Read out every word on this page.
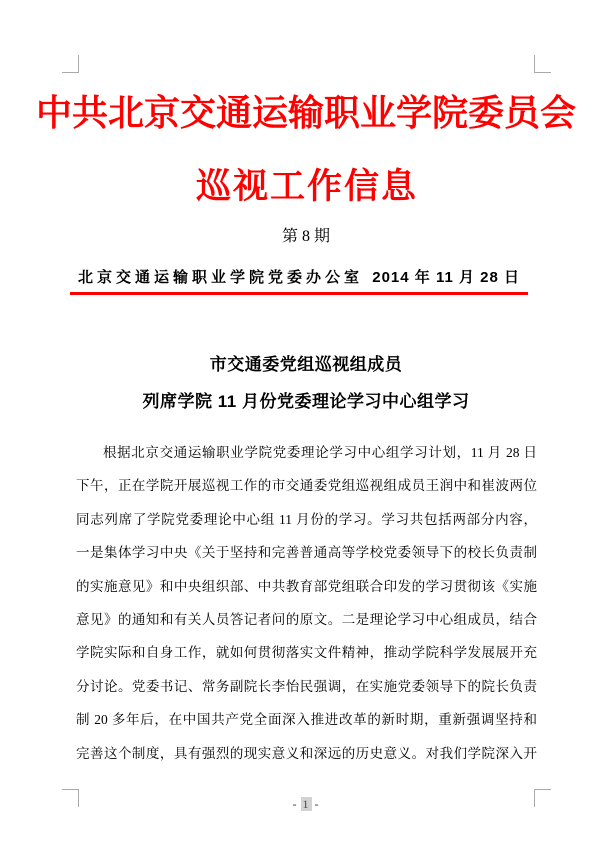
中共北京交通运输职业学院委员会
巡视工作信息
第 8 期
北京交通运输职业学院党委办公室 2014 年 11 月 28 日
市交通委党组巡视组成员
列席学院 11 月份党委理论学习中心组学习
根据北京交通运输职业学院党委理论学习中心组学习计划，11 月 28 日
下午，正在学院开展巡视工作的市交通委党组巡视组成员王润中和崔波两位
同志列席了学院党委理论中心组 11 月份的学习。学习共包括两部分内容，
一是集体学习中央《关于坚持和完善普通高等学校党委领导下的校长负责制
的实施意见》和中央组织部、中共教育部党组联合印发的学习贯彻该《实施
意见》的通知和有关人员答记者问的原文。二是理论学习中心组成员，结合
学院实际和自身工作，就如何贯彻落实文件精神，推动学院科学发展展开充
分讨论。党委书记、常务副院长李怡民强调，在实施党委领导下的院长负责
制 20 多年后，在中国共产党全面深入推进改革的新时期，重新强调坚持和
完善这个制度，具有强烈的现实意义和深远的历史意义。对我们学院深入开
- 1 -
